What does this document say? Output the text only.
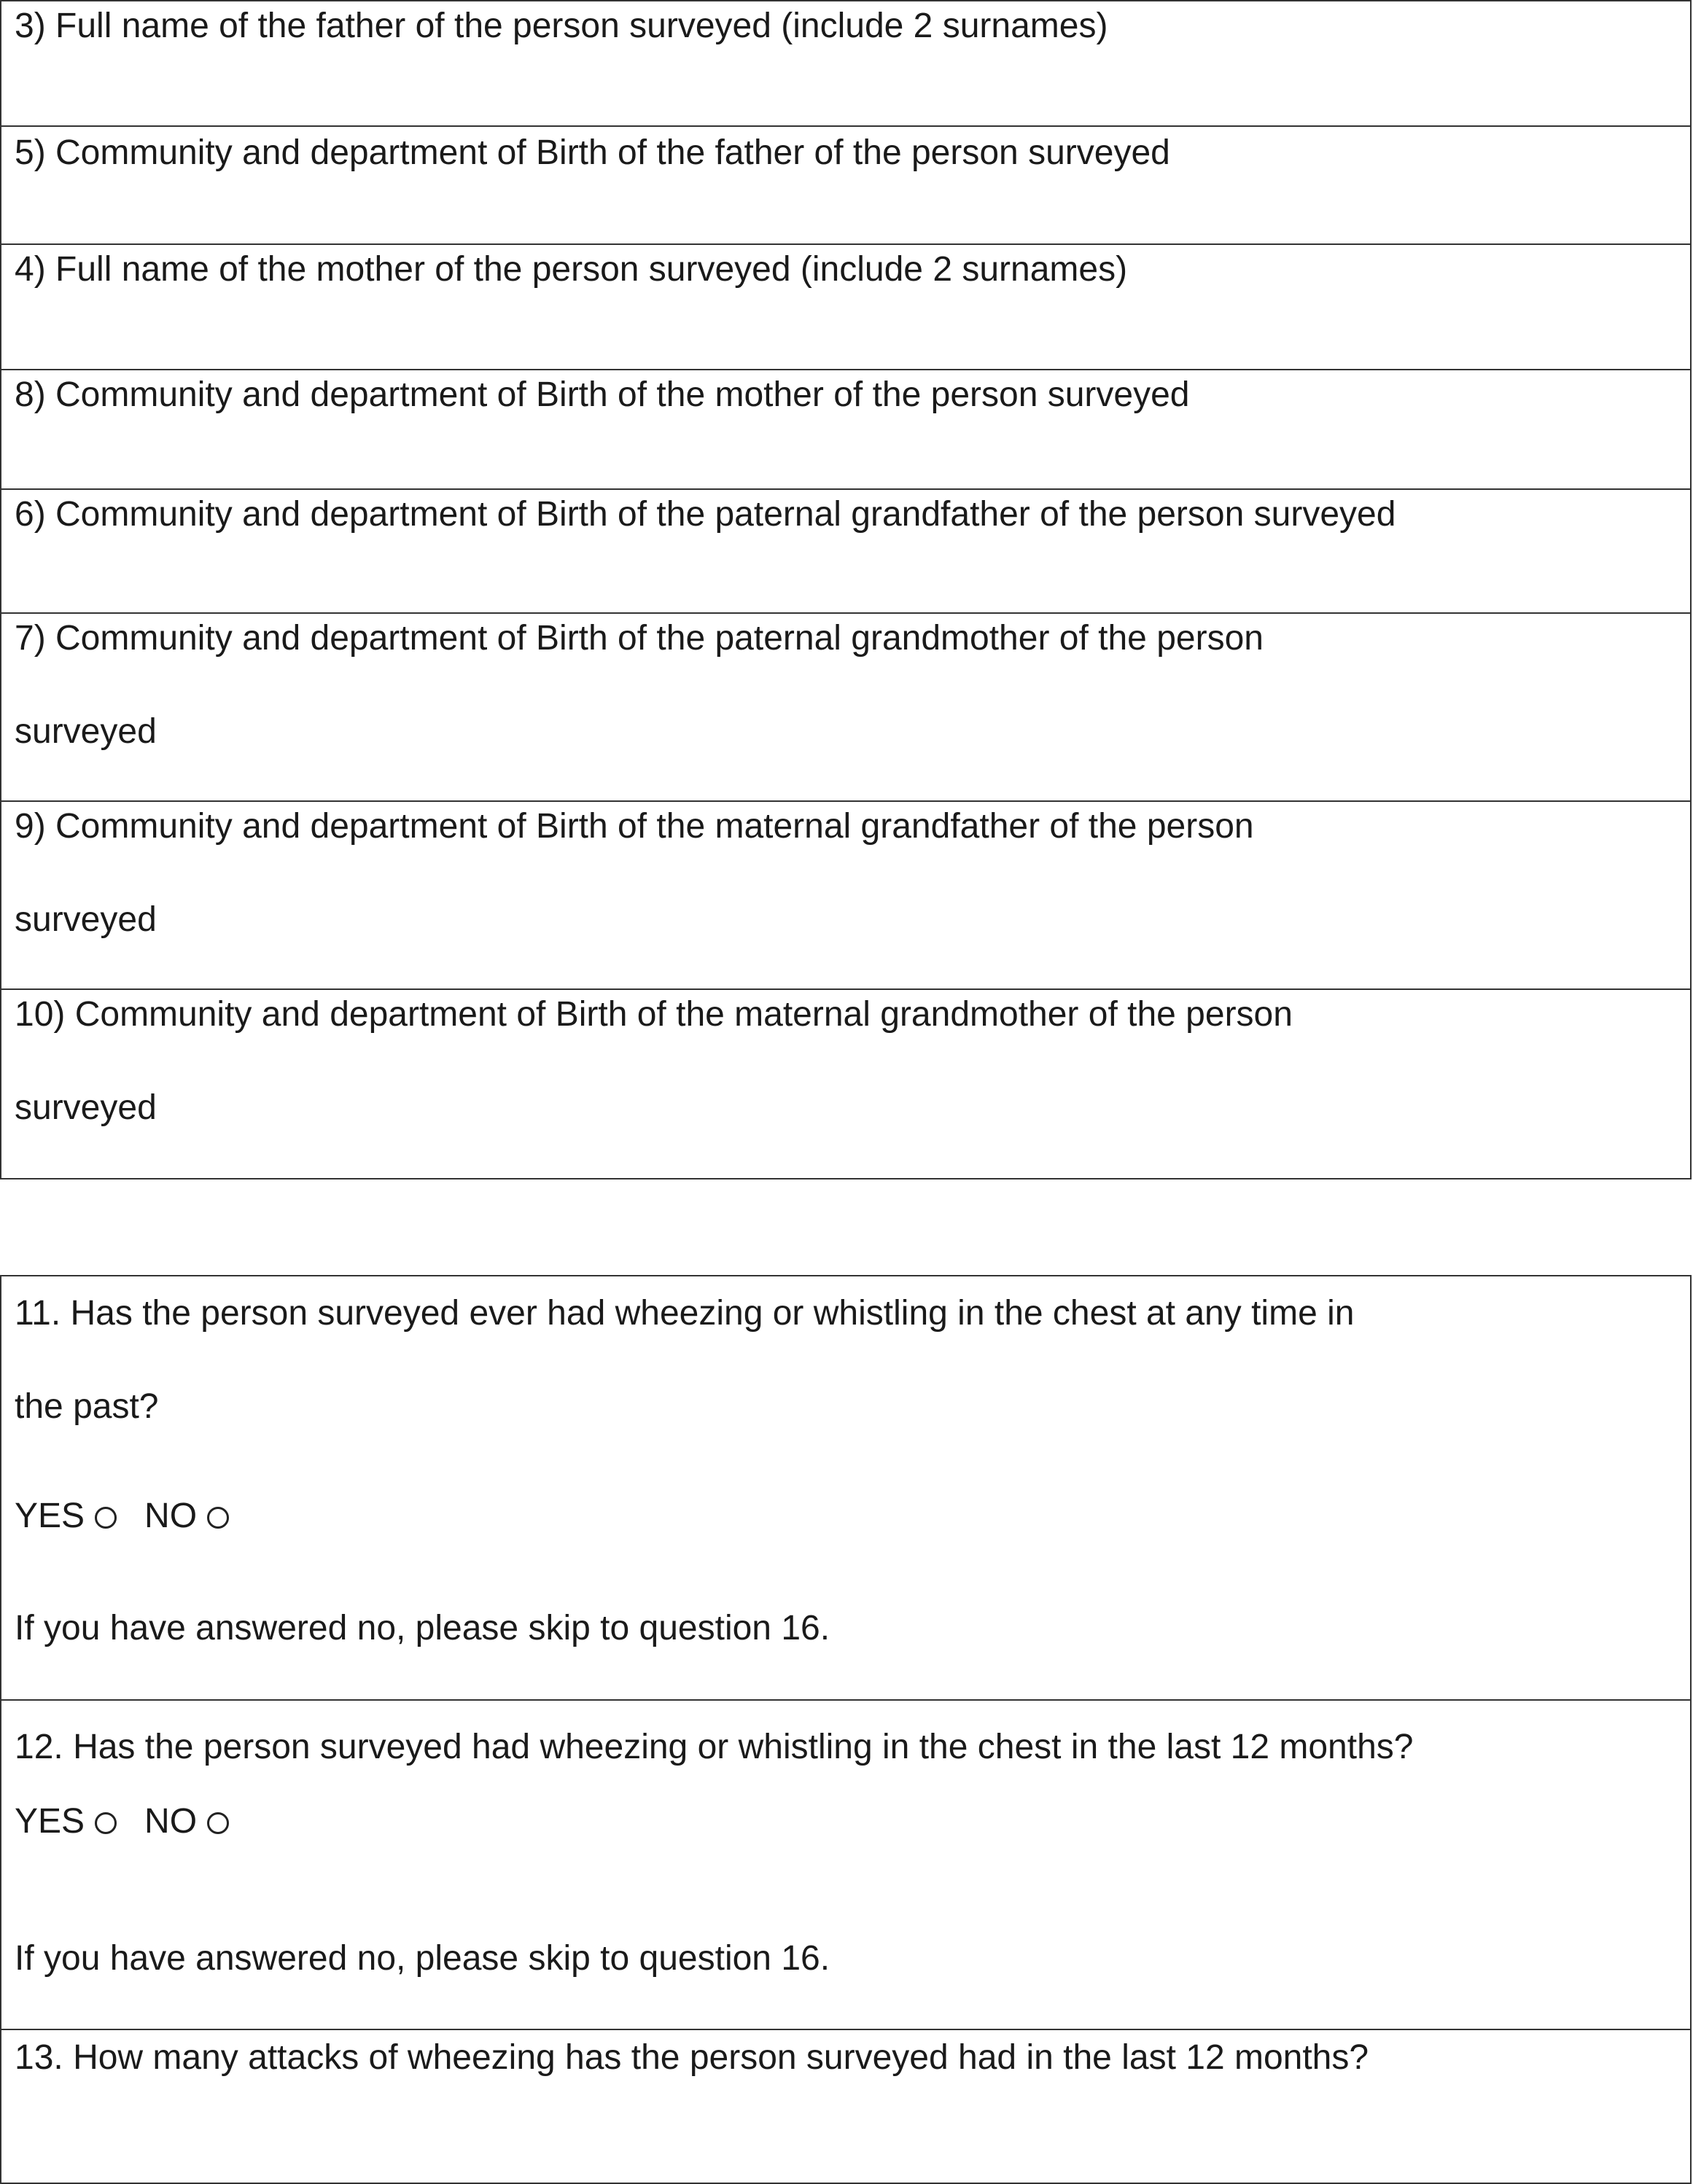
3) Full name of the father of the person surveyed (include 2 surnames)
5) Community and department of Birth of the father of the person surveyed
4) Full name of the mother of the person surveyed (include 2 surnames)
8) Community and department of Birth of the mother of the person surveyed
6) Community and department of Birth of the paternal grandfather of the person surveyed
7) Community and department of Birth of the paternal grandmother of the person
surveyed
9) Community and department of Birth of the maternal grandfather of the person
surveyed
10) Community and department of Birth of the maternal grandmother of the person
surveyed
11. Has the person surveyed ever had wheezing or whistling in the chest at any time in
the past?
YES NO
If you have answered no, please skip to question 16.
12. Has the person surveyed had wheezing or whistling in the chest in the last 12 months?
YES NO
If you have answered no, please skip to question 16.
13. How many attacks of wheezing has the person surveyed had in the last 12 months?
